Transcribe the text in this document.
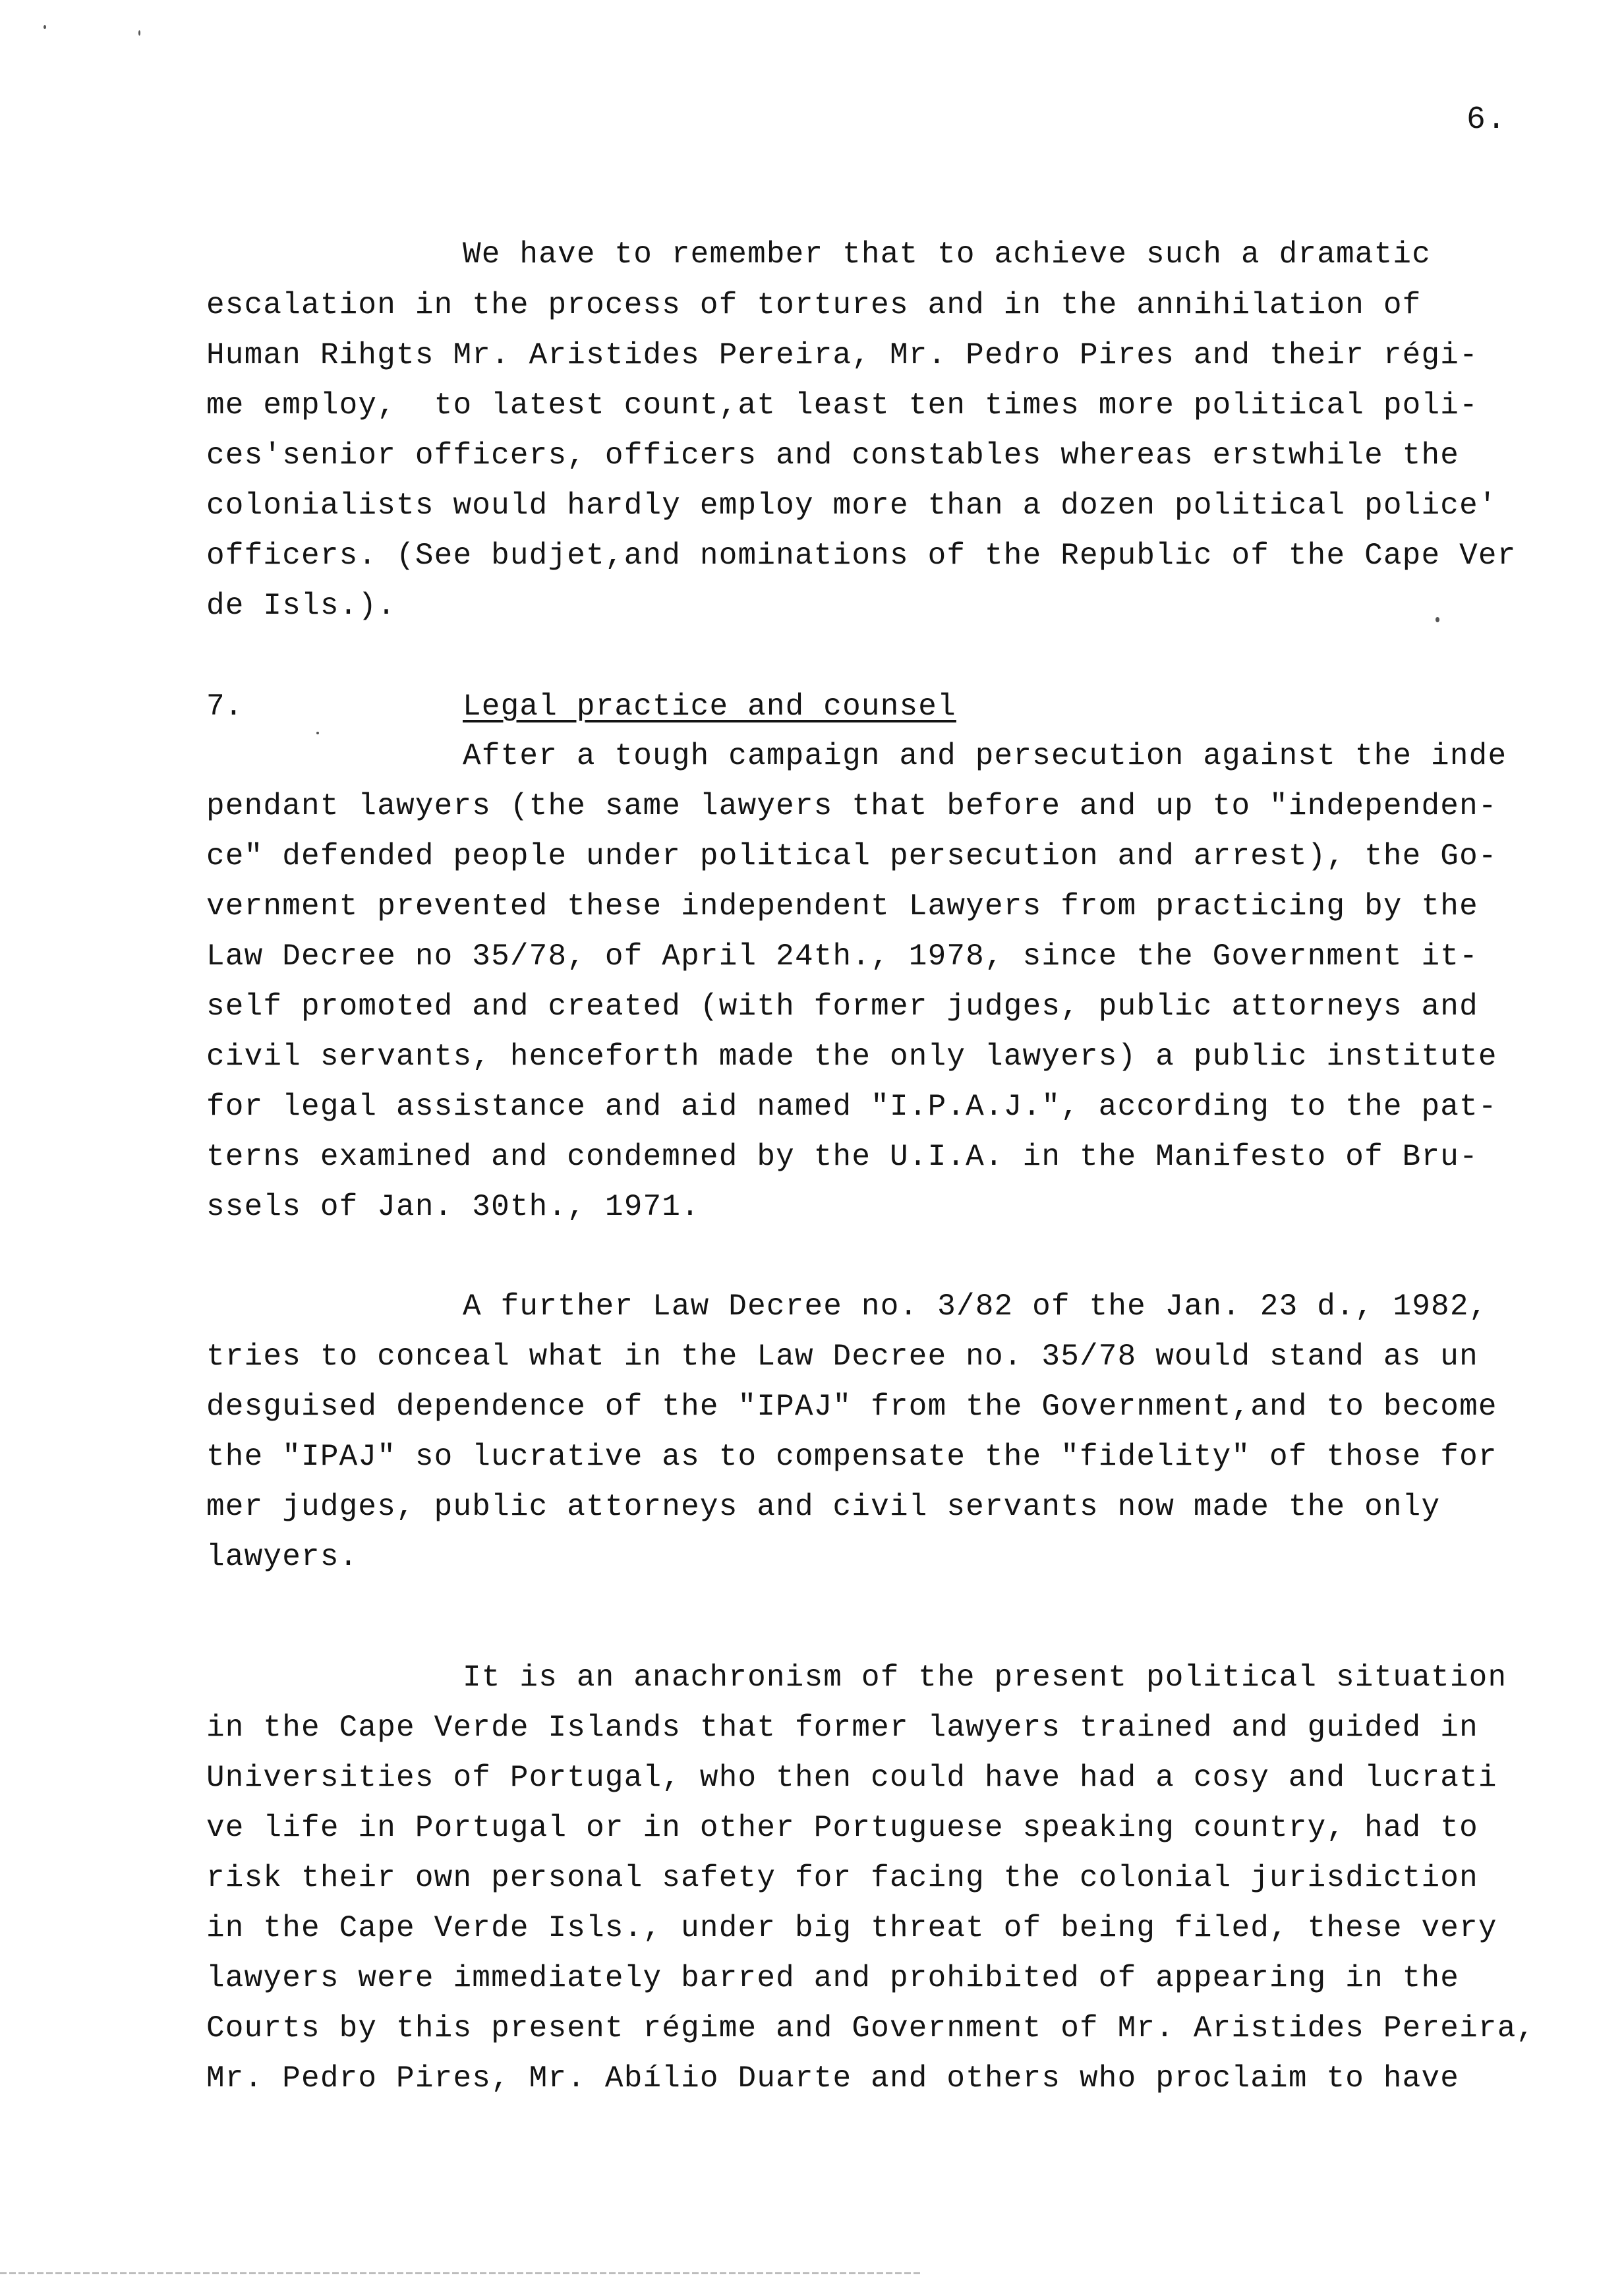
6.
We have to remember that to achieve such a dramatic
escalation in the process of tortures and in the annihilation of
Human Rihgts Mr. Aristides Pereira, Mr. Pedro Pires and their régi-
me employ,  to latest count,at least ten times more political poli-
ces'senior officers, officers and constables whereas erstwhile the
colonialists would hardly employ more than a dozen political police'
officers. (See budjet,and nominations of the Republic of the Cape Ver
de Isls.).
7.	Legal practice and counsel
After a tough campaign and persecution against the inde
pendant lawyers (the same lawyers that before and up to "independen-
ce" defended people under political persecution and arrest), the Go-
vernment prevented these independent Lawyers from practicing by the
Law Decree no 35/78, of April 24th., 1978, since the Government it-
self promoted and created (with former judges, public attorneys and
civil servants, henceforth made the only lawyers) a public institute
for legal assistance and aid named "I.P.A.J.", according to the pat-
terns examined and condemned by the U.I.A. in the Manifesto of Bru-
ssels of Jan. 30th., 1971.
A further Law Decree no. 3/82 of the Jan. 23 d., 1982,
tries to conceal what in the Law Decree no. 35/78 would stand as un
desguised dependence of the "IPAJ" from the Government,and to become
the "IPAJ" so lucrative as to compensate the "fidelity" of those for
mer judges, public attorneys and civil servants now made the only
lawyers.
It is an anachronism of the present political situation
in the Cape Verde Islands that former lawyers trained and guided in
Universities of Portugal, who then could have had a cosy and lucrati
ve life in Portugal or in other Portuguese speaking country, had to
risk their own personal safety for facing the colonial jurisdiction
in the Cape Verde Isls., under big threat of being filed, these very
lawyers were immediately barred and prohibited of appearing in the
Courts by this present régime and Government of Mr. Aristides Pereira,
Mr. Pedro Pires, Mr. Abílio Duarte and others who proclaim to have
